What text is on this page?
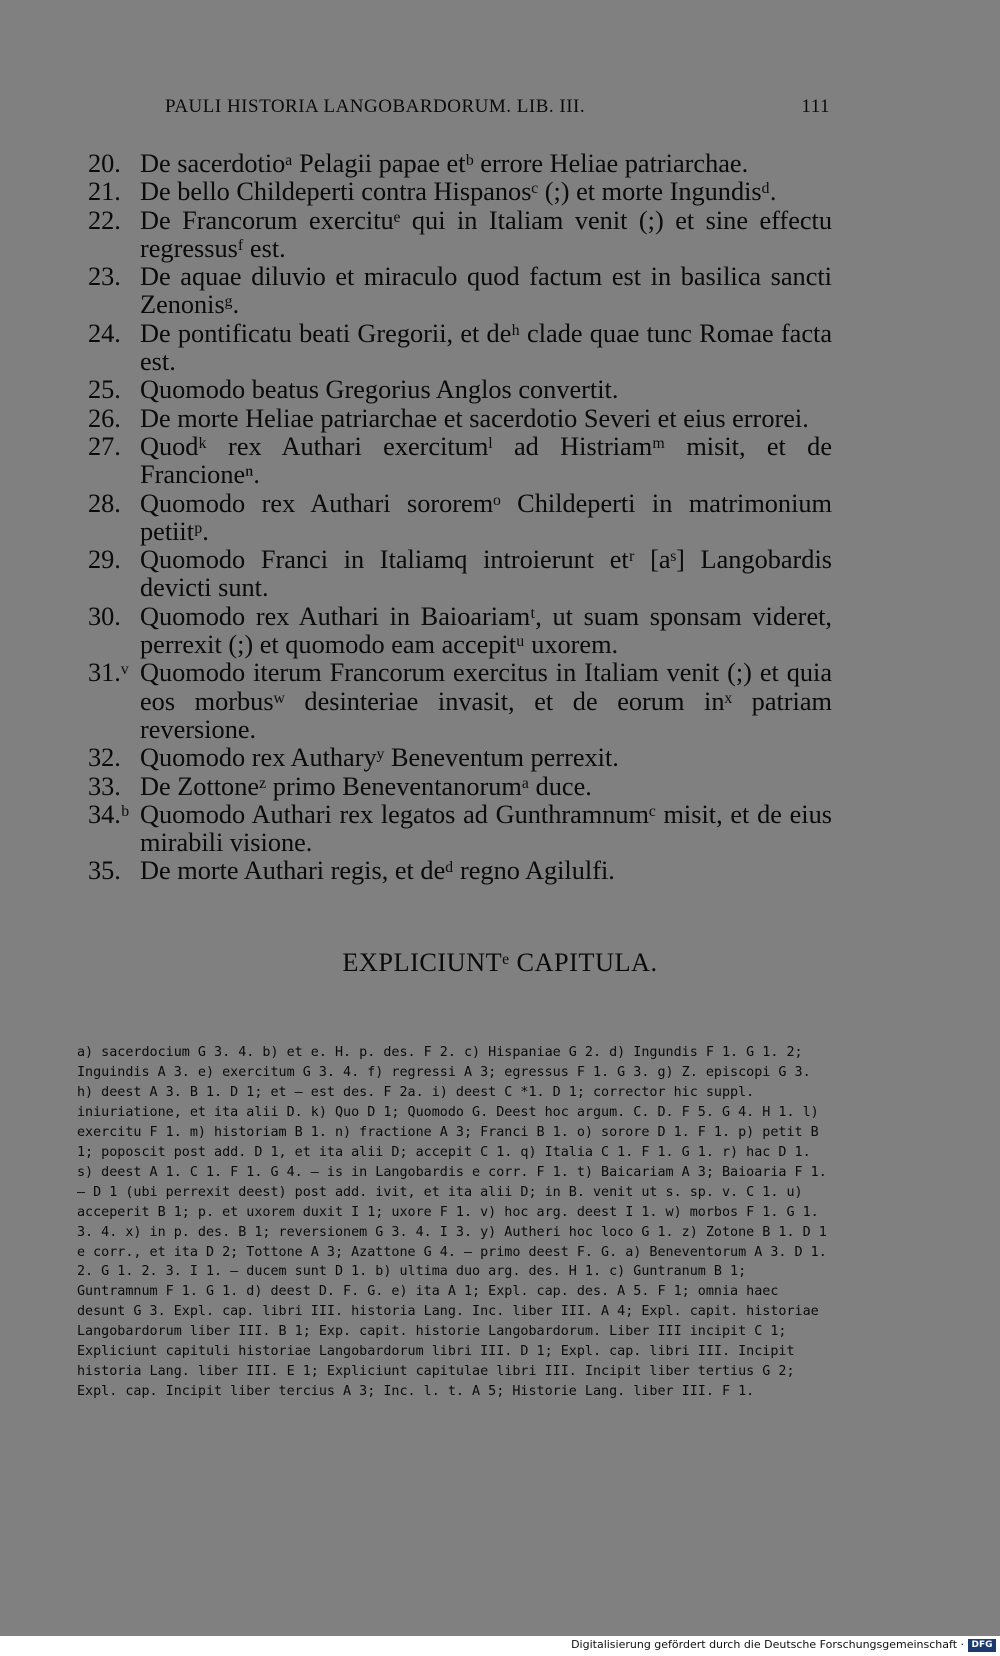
PAULI HISTORIA LANGOBARDORUM. LIB. III.	111
20. De sacerdotioᵃ Pelagii papae etᵇ errore Heliae patriarchae.
21. De bello Childeperti contra Hispanosᶜ (;) et morte Ingundisᵈ.
22. De Francorum exercituᵉ qui in Italiam venit (;) et sine effectu regressusᶠ est.
23. De aquae diluvio et miraculo quod factum est in basilica sancti Zenonisᵍ.
24. De pontificatu beati Gregorii, et deʰ clade quae tunc Romae facta est.
25. Quomodo beatus Gregorius Anglos convertit.
26. De morte Heliae patriarchae et sacerdotio Severi et eius errorei.
27. Quodᵏ rex Authari exercitumˡ ad Histriamᵐ misit, et de Francioneⁿ.
28. Quomodo rex Authari sororemᵒ Childeperti in matrimonium petiitᵖ.
29. Quomodo Franci in Italiamq introierunt etʳ [aˢ] Langobardis devicti sunt.
30. Quomodo rex Authari in Baioariamᵗ, ut suam sponsam videret, perrexit (;) et quomodo eam accepitᵘ uxorem.
31.ᵛ Quomodo iterum Francorum exercitus in Italiam venit (;) et quia eos morbusʷ desinteriae invasit, et de eorum inˣ patriam reversione.
32. Quomodo rex Autharyʸ Beneventum perrexit.
33. De Zottoneᶻ primo Beneventanorumᵃ duce.
34.ᵇ Quomodo Authari rex legatos ad Gunthramnumᶜ misit, et de eius mirabili visione.
35. De morte Authari regis, et deᵈ regno Agilulfi.
EXPLICIUNTᵉ CAPITULA.
a) sacerdocium G 3. 4. b) et e. H. p. des. F 2. c) Hispaniae G 2. d) Ingundis F 1. G 1. 2; Inguindis A 3. e) exercitum G 3. 4. f) regressi A 3; egressus F 1. G 3. g) Z. episcopi G 3. h) deest A 3. B 1. D 1; et — est des. F 2a. i) deest C *1. D 1; corrector hic suppl. iniuriatione, et ita alii D. k) Quo D 1; Quomodo G. Deest hoc argum. C. D. F 5. G 4. H 1. l) exercitu F 1. m) historiam B 1. n) fractione A 3; Franci B 1. o) sorore D 1. F 1. p) petit B 1; poposcit post add. D 1, et ita alii D; accepit C 1. q) Italia C 1. F 1. G 1. r) hac D 1. s) deest A 1. C 1. F 1. G 4. — is in Langobardis e corr. F 1. t) Baicariam A 3; Baioaria F 1. — D 1 (ubi perrexit deest) post add. ivit, et ita alii D; in B. venit ut s. sp. v. C 1. u) acceperit B 1; p. et uxorem duxit I 1; uxore F 1. v) hoc arg. deest I 1. w) morbos F 1. G 1. 3. 4. x) in p. des. B 1; reversionem G 3. 4. I 3. y) Autheri hoc loco G 1. z) Zotone B 1. D 1 e corr., et ita D 2; Tottone A 3; Azattone G 4. — primo deest F. G. a) Beneventorum A 3. D 1. 2. G 1. 2. 3. I 1. — ducem sunt D 1. b) ultima duo arg. des. H 1. c) Guntranum B 1; Guntramnum F 1. G 1. d) deest D. F. G. e) ita A 1; Expl. cap. des. A 5. F 1; omnia haec desunt G 3. Expl. cap. libri III. historia Lang. Inc. liber III. A 4; Expl. capit. historiae Langobardorum liber III. B 1; Exp. capit. historie Langobardorum. Liber III incipit C 1; Expliciunt capituli historiae Langobardorum libri III. D 1; Expl. cap. libri III. Incipit historia Lang. liber III. E 1; Expliciunt capitulae libri III. Incipit liber tertius G 2; Expl. cap. Incipit liber tercius A 3; Inc. l. t. A 5; Historie Lang. liber III. F 1.
Digitalisierung gefördert durch die Deutsche Forschungsgemeinschaft · DFG
